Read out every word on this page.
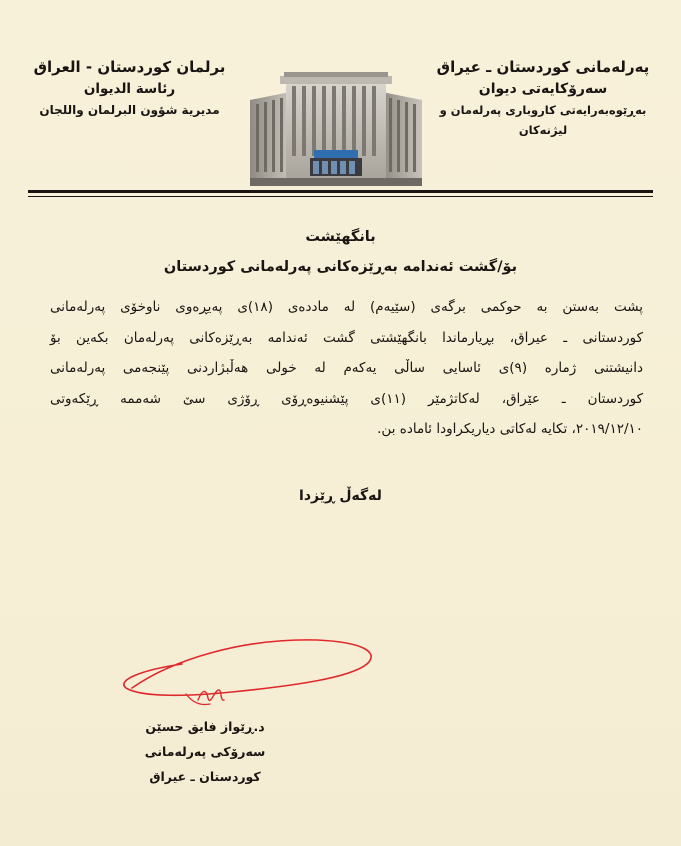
پەرلەمانی کوردستان ـ عیراق
سەرۆکایەتی دیوان
بەڕێوەبەرایەتی کاروباری پەرلەمان و لیژنەکان
برلمان كوردستان - العراق
رئاسة الديوان
مديرية شؤون البرلمان واللجان
بانگهێشت
بۆ/گشت ئەندامە بەڕێزەکانی پەرلەمانی کوردستان
پشت بەستن بە حوكمی برگەی (سێیەم) لە ماددەی (١٨)ی پەیڕەوی ناوخۆی پەرلەمانی
کوردستانی ـ عیراق، بڕیارماندا بانگهێشتی گشت ئەندامە بەڕێزەکانی پەرلەمان بکەین بۆ
دانیشتنی ژمارە (٩)ی ئاسایی ساڵی یەکەم لە خولی هەڵبژاردنی پێنجەمی پەرلەمانی
کوردستان ـ عێراق، لەکاتژمێر (١١)ی پێشنیوەڕۆی ڕۆژی سێ شەممە ڕێکەوتی
٢٠١٩/١٢/١٠، تکایە لەکاتی دیاریکراودا ئامادە بن.
لەگەڵ ڕێزدا
د.ڕێواز فایق حسێن
سەرۆکی پەرلەمانی
کوردستان ـ عیراق
